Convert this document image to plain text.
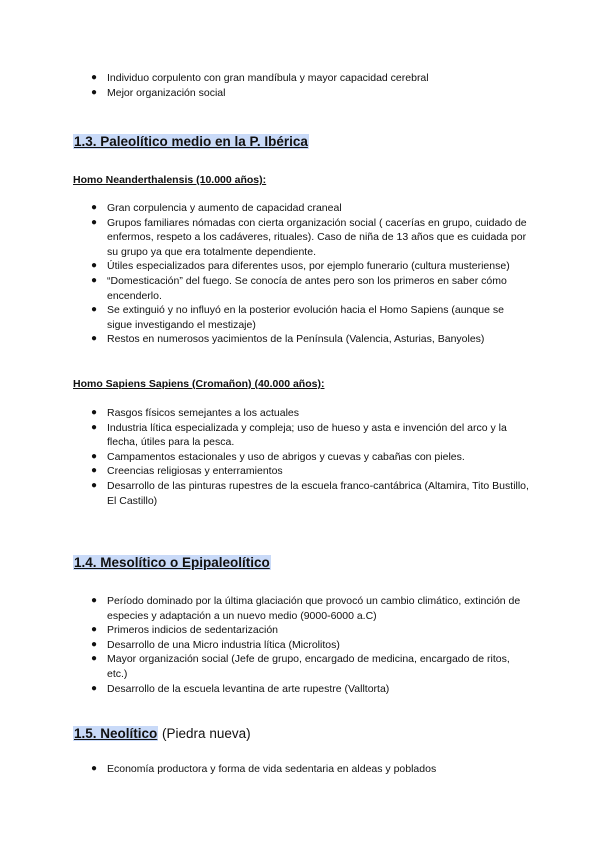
● Individuo corpulento con gran mandíbula y mayor capacidad cerebral
● Mejor organización social
1.3. Paleolítico medio en la P. Ibérica
Homo Neanderthalensis (10.000 años):
● Gran corpulencia y aumento de capacidad craneal
● Grupos familiares nómadas con cierta organización social ( cacerías en grupo, cuidado de enfermos, respeto a los cadáveres, rituales). Caso de niña de 13 años que es cuidada por su grupo ya que era totalmente dependiente.
● Útiles especializados para diferentes usos, por ejemplo funerario (cultura musteriense)
● “Domesticación” del fuego. Se conocía de antes pero son los primeros en saber cómo encenderlo.
● Se extinguió y no influyó en la posterior evolución hacia el Homo Sapiens (aunque se sigue investigando el mestizaje)
● Restos en numerosos yacimientos de la Península (Valencia, Asturias, Banyoles)
Homo Sapiens Sapiens (Cromañon) (40.000 años):
● Rasgos físicos semejantes a los actuales
● Industria lítica especializada y compleja; uso de hueso y asta e invención del arco y la flecha, útiles para la pesca.
● Campamentos estacionales y uso de abrigos y cuevas y cabañas con pieles.
● Creencias religiosas y enterramientos
● Desarrollo de las pinturas rupestres de la escuela franco-cantábrica (Altamira, Tito Bustillo, El Castillo)
1.4. Mesolítico o Epipaleolítico
● Período dominado por la última glaciación que provocó un cambio climático, extinción de especies y adaptación a un nuevo medio (9000-6000 a.C)
● Primeros indicios de sedentarización
● Desarrollo de una Micro industria lítica (Microlitos)
● Mayor organización social (Jefe de grupo, encargado de medicina, encargado de ritos, etc.)
● Desarrollo de la escuela levantina de arte rupestre (Valltorta)
1.5. Neolítico (Piedra nueva)
● Economía productora y forma de vida sedentaria en aldeas y poblados
